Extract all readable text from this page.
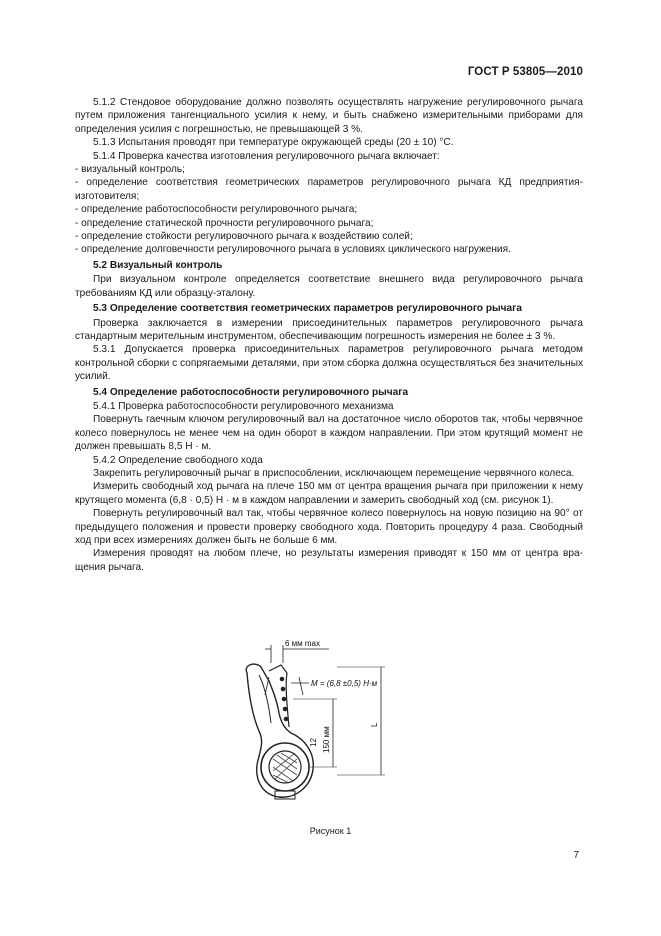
ГОСТ Р 53805—2010

5.1.2 Стендовое оборудование должно позволять осуществлять нагружение регулировочного рычага путем приложения тангенциального усилия к нему, и быть снабжено измерительными приборами для определения усилия с погрешностью, не превышающей 3 %.

5.1.3 Испытания проводят при температуре окружающей среды (20 ± 10) °С.

5.1.4 Проверка качества изготовления регулировочного рычага включает:

- визуальный контроль;

- определение соответствия геометрических параметров регулировочного рычага КД предприятия-изготовителя;

- определение работоспособности регулировочного рычага;

- определение статической прочности регулировочного рычага;

- определение стойкости регулировочного рычага к воздействию солей;

- определение долговечности регулировочного рычага в условиях циклического нагружения.

5.2 Визуальный контроль

При визуальном контроле определяется соответствие внешнего вида регулировочного рычага требованиям КД или образцу-эталону.

5.3 Определение соответствия геометрических параметров регулировочного рычага

Проверка заключается в измерении присоединительных параметров регулировочного рычага стандартным мерительным инструментом, обеспечивающим погрешность измерения не более ± 3 %.

5.3.1 Допускается проверка присоединительных параметров регулировочного рычага методом контрольной сборки с сопрягаемыми деталями, при этом сборка должна осуществляться без значительных усилий.

5.4 Определение работоспособности регулировочного рычага

5.4.1 Проверка работоспособности регулировочного механизма

Повернуть гаечным ключом регулировочный вал на достаточное число оборотов так, чтобы червячное колесо повернулось не менее чем на один оборот в каждом направлении. При этом крутящий момент не должен превышать 8,5 Н · м.

5.4.2 Определение свободного хода

Закрепить регулировочный рычаг в приспособлении, исключающем перемещение червячного колеса.

Измерить свободный ход рычага на плече 150 мм от центра вращения рычага при приложении к нему крутящего момента (6,8 · 0,5) Н · м в каждом направлении и замерить свободный ход (см. рисунок 1).

Повернуть регулировочный вал так, чтобы червячное колесо повернулось на новую позицию на 90° от предыдущего положения и провести проверку свободного хода. Повторить процедуру 4 раза. Свободный ход при всех измерениях должен быть не больше 6 мм.

Измерения проводят на любом плече, но результаты измерения приводят к 150 мм от центра вращения рычага.

6 мм max
M = (6,8 ±0,5) Н·м
150 мм
L
12
Рисунок 1
7
